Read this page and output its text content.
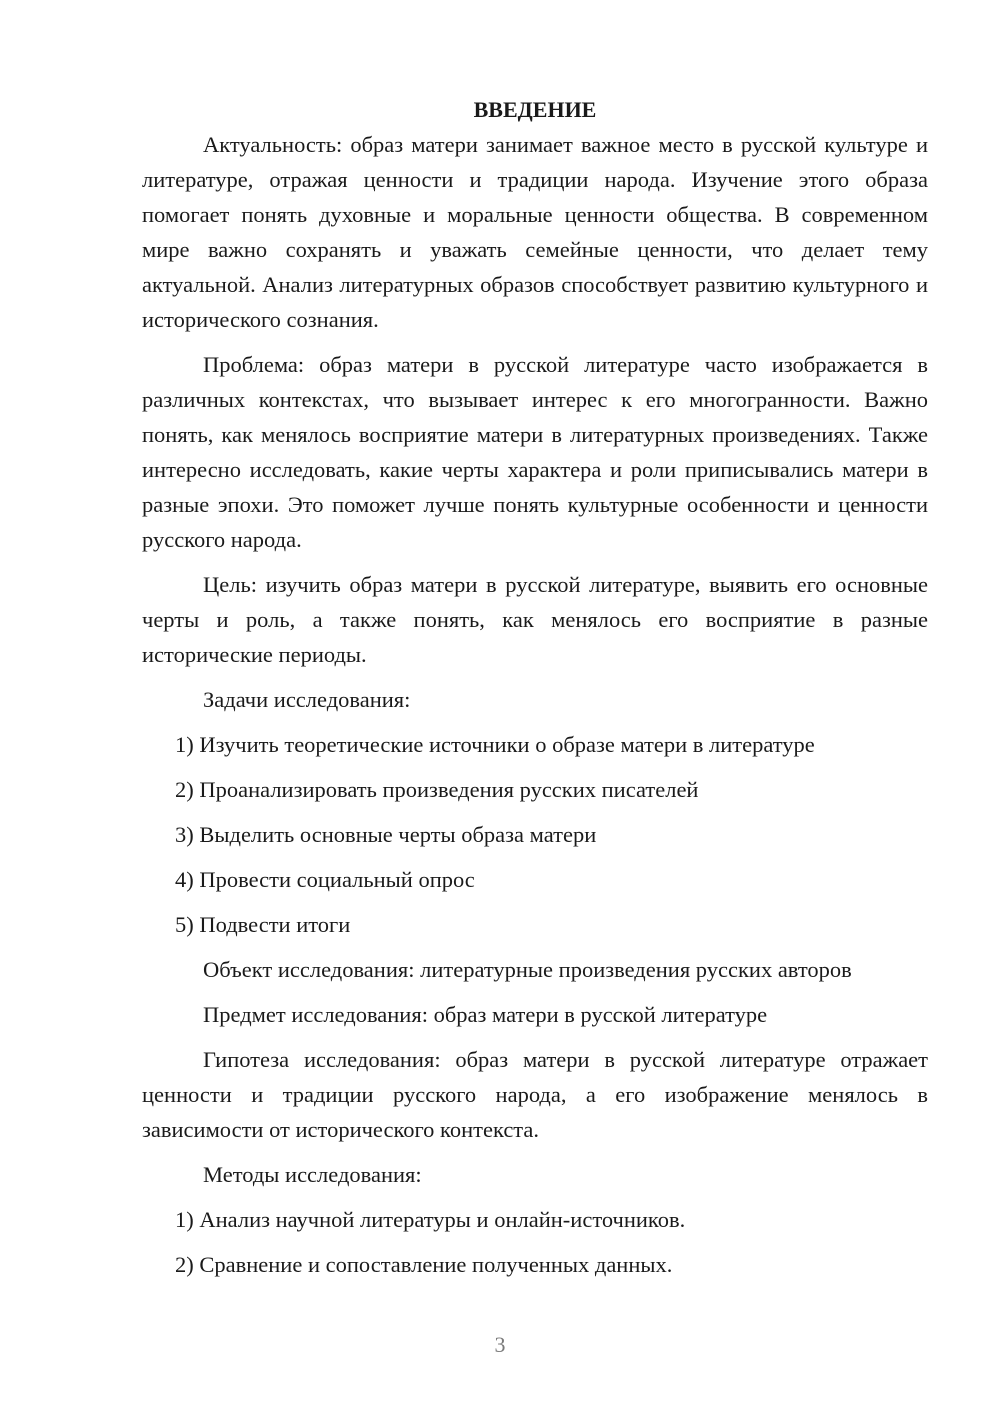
ВВЕДЕНИЕ

Актуальность: образ матери занимает важное место в русской культуре и литературе, отражая ценности и традиции народа. Изучение этого образа помогает понять духовные и моральные ценности общества. В современном мире важно сохранять и уважать семейные ценности, что делает тему актуальной. Анализ литературных образов способствует развитию культурного и исторического сознания.

Проблема: образ матери в русской литературе часто изображается в различных контекстах, что вызывает интерес к его многогранности. Важно понять, как менялось восприятие матери в литературных произведениях. Также интересно исследовать, какие черты характера и роли приписывались матери в разные эпохи. Это поможет лучше понять культурные особенности и ценности русского народа.

Цель: изучить образ матери в русской литературе, выявить его основные черты и роль, а также понять, как менялось его восприятие в разные исторические периоды.

Задачи исследования:
1) Изучить теоретические источники о образе матери в литературе
2) Проанализировать произведения русских писателей
3) Выделить основные черты образа матери
4) Провести социальный опрос
5) Подвести итоги
Объект исследования: литературные произведения русских авторов
Предмет исследования: образ матери в русской литературе

Гипотеза исследования: образ матери в русской литературе отражает ценности и традиции русского народа, а его изображение менялось в зависимости от исторического контекста.

Методы исследования:
1) Анализ научной литературы и онлайн-источников.
2) Сравнение и сопоставление полученных данных.
3
